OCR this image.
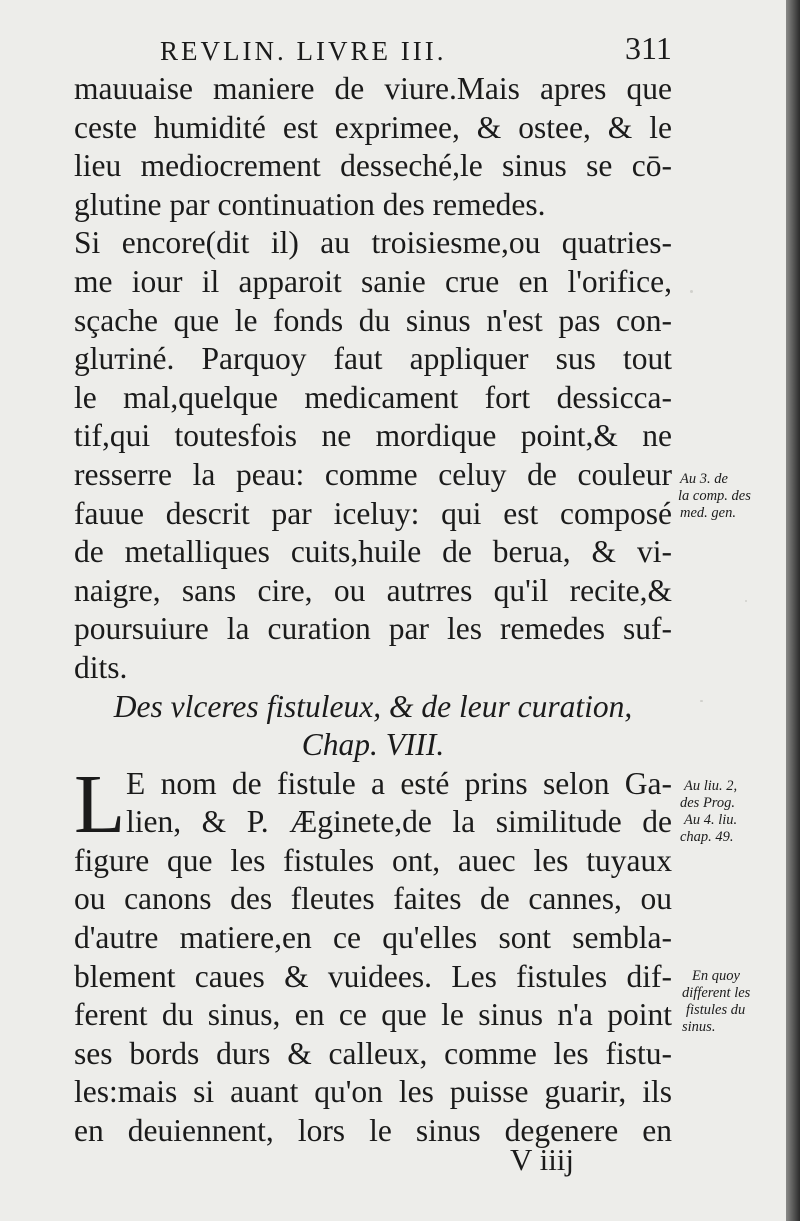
REVLIN. LIVRE III.	311
mauuaise maniere de viure.Mais apres que
ceste humidité est exprimee, & ostee, & le
lieu mediocrement desseché,le sinus se cō-
glutine par continuation des remedes.
Si encore(dit il) au troisiesme,ou quatries-
me iour il apparoit sanie crue en l'orifice,
sçache que le fonds du sinus n'est pas con-
gluтiné. Parquoy faut appliquer sus tout
le mal,quelque medicament fort dessicca-
tif,qui toutesfois ne mordique point,& ne
resserre la peau: comme celuy de couleur
fauue descrit par iceluy: qui est composé
de metalliques cuits,huile de berua, & vi-
naigre, sans cire, ou autrres qu'il recite,&
poursuiure la curation par les remedes suf-
dits.
Des vlceres fistuleux, & de leur curation,
Chap. VIII.
L E nom de fistule a esté prins selon Ga-
lien, & P. Æginete,de la similitude de
figure que les fistules ont, auec les tuyaux
ou canons des fleutes faites de cannes, ou
d'autre matiere,en ce qu'elles sont sembla-
blement caues & vuidees. Les fistules dif-
ferent du sinus, en ce que le sinus n'a point
ses bords durs & calleux, comme les fistu-
les:mais si auant qu'on les puisse guarir, ils
en deuiennent, lors le sinus degenere en
Au 3. de
la comp. des
med. gen.
Au liu. 2,
des Prog.
Au 4. liu.
chap. 49.
En quoy
different les
fistules du
sinus.
V iiij
